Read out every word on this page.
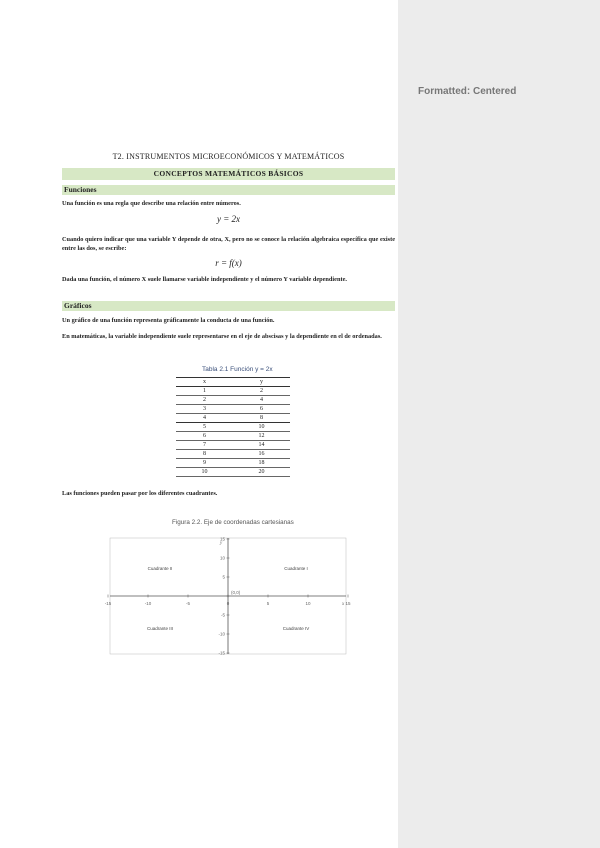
Formatted: Centered
T2. INSTRUMENTOS MICROECONÓMICOS Y MATEMÁTICOS
CONCEPTOS MATEMÁTICOS BÁSICOS
Funciones
Una función es una regla que describe una relación entre números.
y = 2x
Cuando quiero indicar que una variable Y depende de otra, X, pero no se conoce la relación algebraica específica que existe entre las dos, se escribe:
r = f(x)
Dada una función, el número X suele llamarse variable independiente y el número Y variable dependiente.
Gráficos
Un gráfico de una función representa gráficamente la conducta de una función.
En matemáticas, la variable independiente suele representarse en el eje de abscisas y la dependiente en el de ordenadas.
Tabla 2.1 Función y = 2x
x	y
1	2
2	4
3	6
4	8
5	10
6	12
7	14
8	16
9	18
10	20
Las funciones pueden pasar por los diferentes cuadrantes.
Figura 2.2. Eje de coordenadas cartesianas
-15	-10	-5	0	5	10	15
15
10
5
-5
-10
-15
(0,0)
x
y
Cuadrante II	Cuadrante I
Cuadrante III	Cuadrante IV
